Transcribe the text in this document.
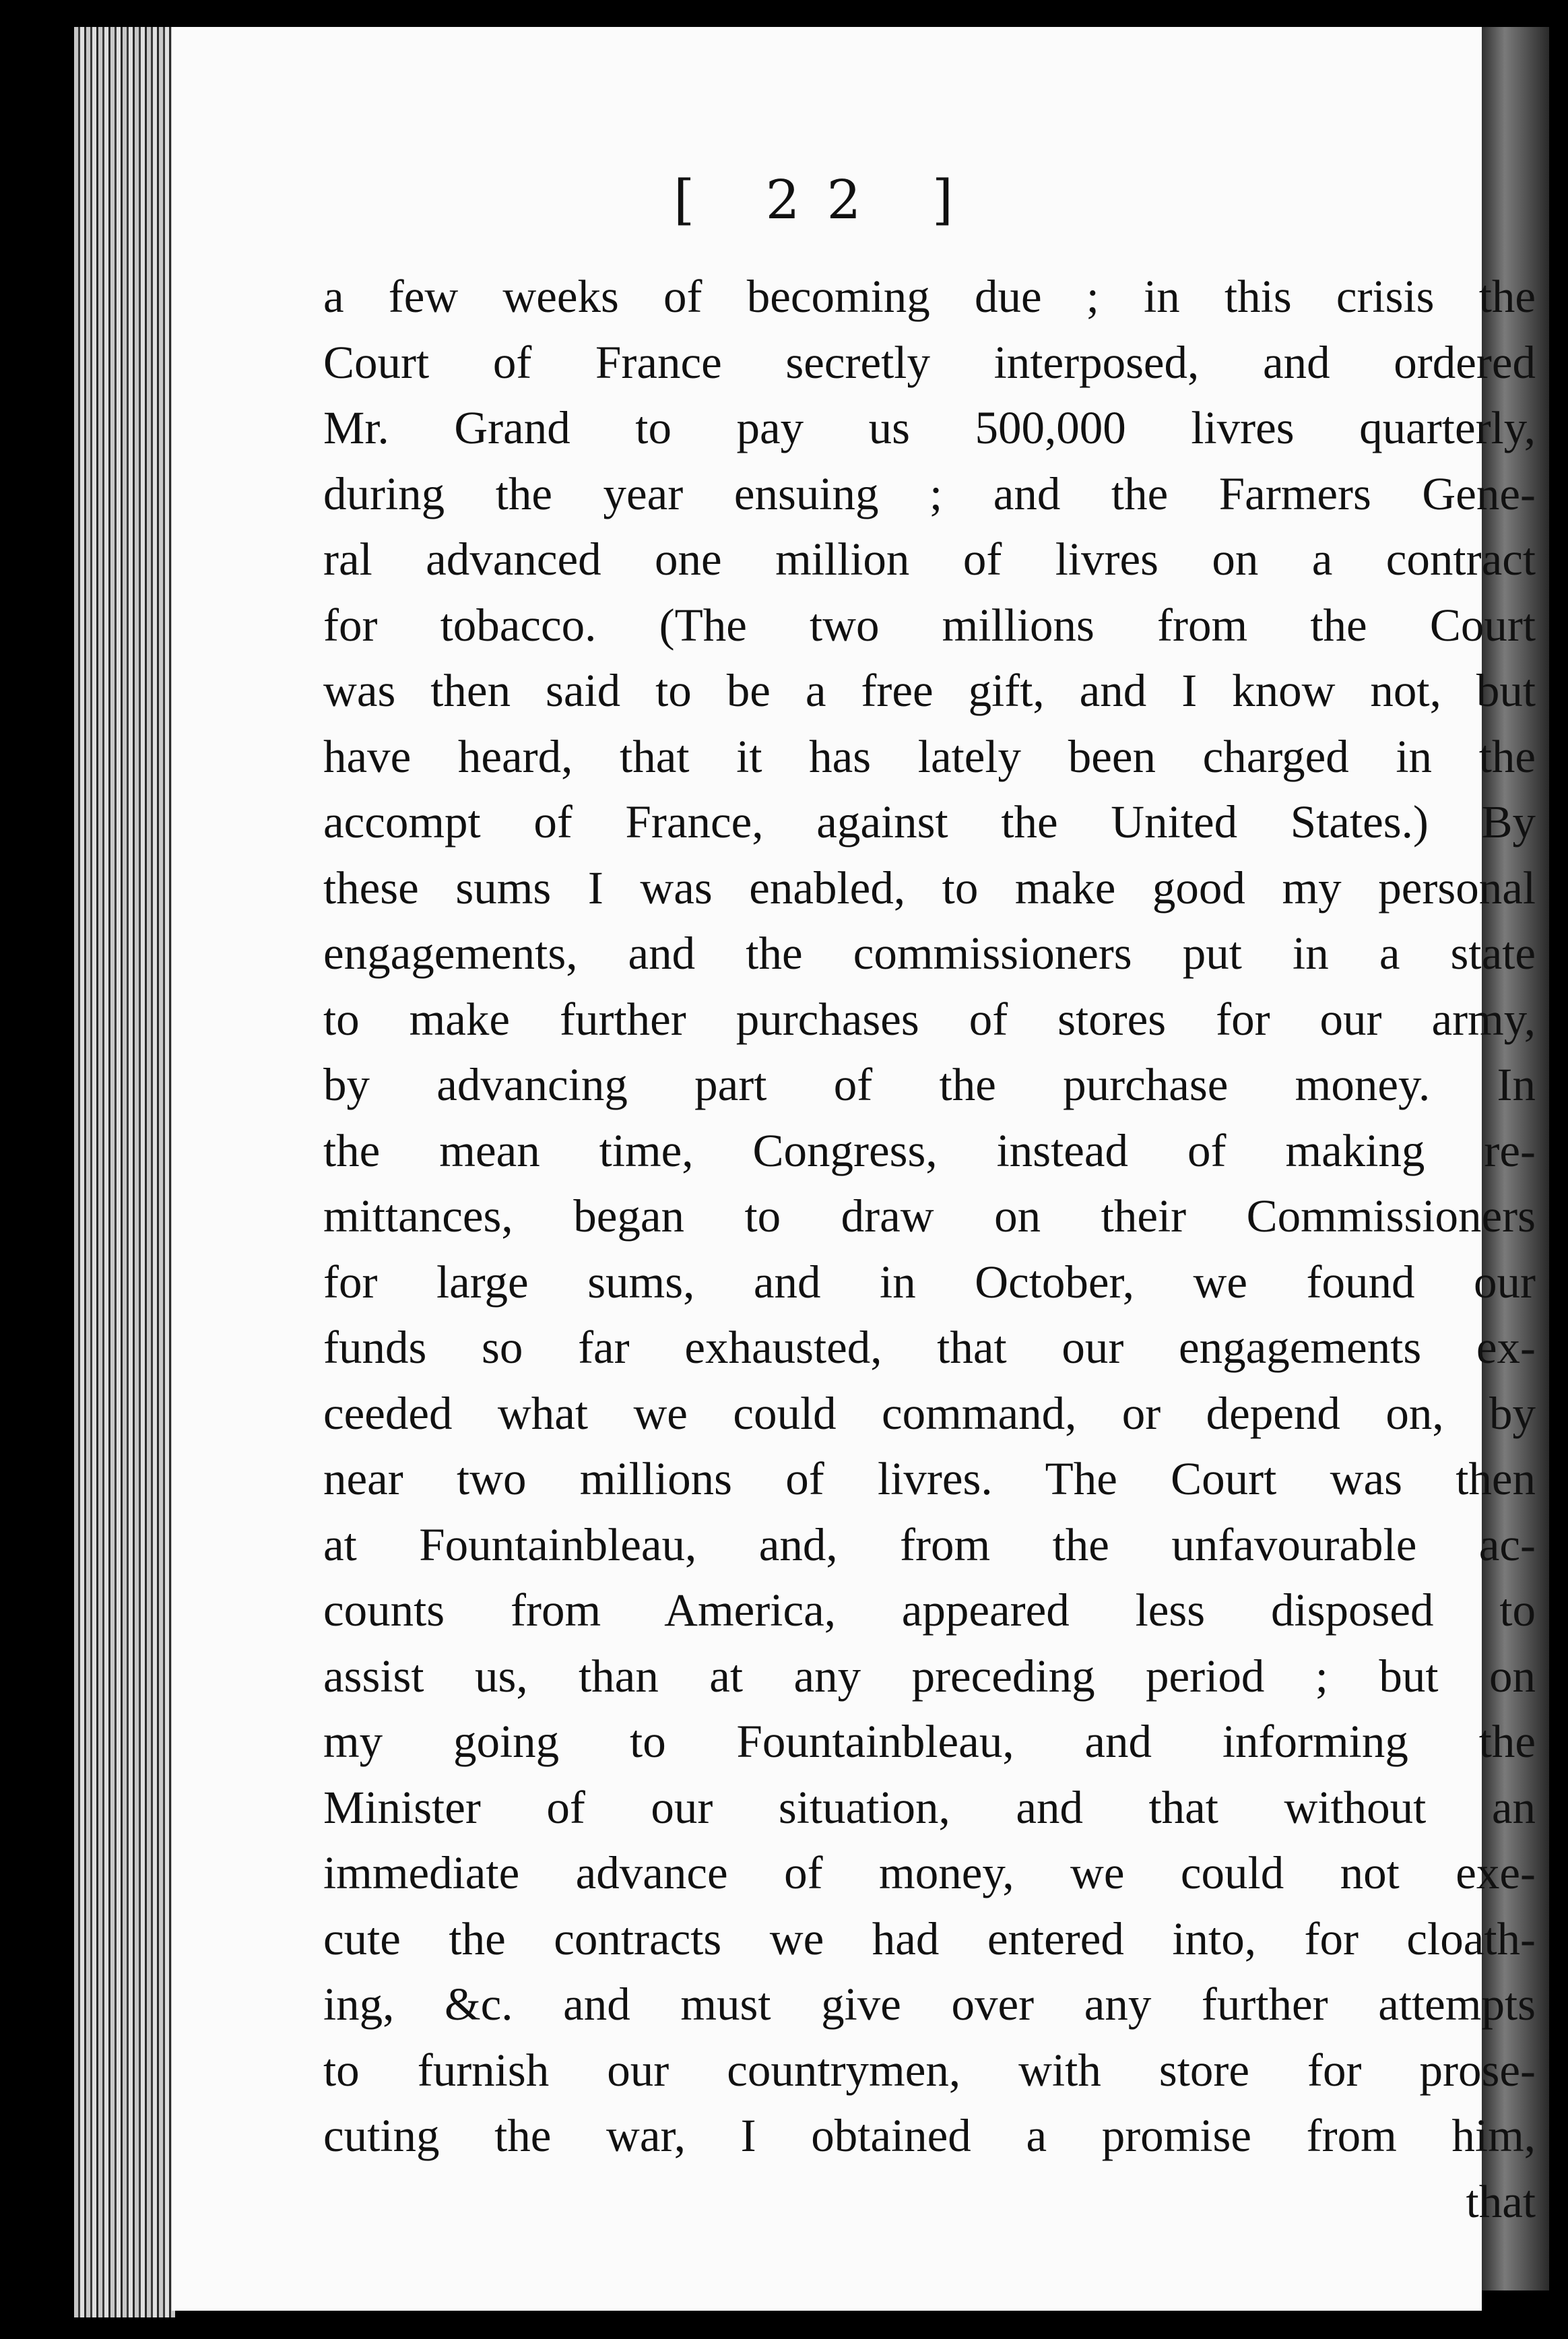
[ 22 ]
a few weeks of becoming due ; in this crisis the
Court of France secretly interposed, and ordered
Mr. Grand to pay us 500,000 livres quarterly,
during the year ensuing ; and the Farmers Gene-
ral advanced one million of livres on a contract
for tobacco. (The two millions from the Court
was then said to be a free gift, and I know not, but
have heard, that it has lately been charged in the
accompt of France, against the United States.) By
these sums I was enabled, to make good my personal
engagements, and the commissioners put in a state
to make further purchases of stores for our army,
by advancing part of the purchase money. In
the mean time, Congress, instead of making re-
mittances, began to draw on their Commissioners
for large sums, and in October, we found our
funds so far exhausted, that our engagements ex-
ceeded what we could command, or depend on, by
near two millions of livres. The Court was then
at Fountainbleau, and, from the unfavourable ac-
counts from America, appeared less disposed to
assist us, than at any preceding period ; but on
my going to Fountainbleau, and informing the
Minister of our situation, and that without an
immediate advance of money, we could not exe-
cute the contracts we had entered into, for cloath-
ing, &c. and must give over any further attempts
to furnish our countrymen, with store for prose-
cuting the war, I obtained a promise from him,
that
